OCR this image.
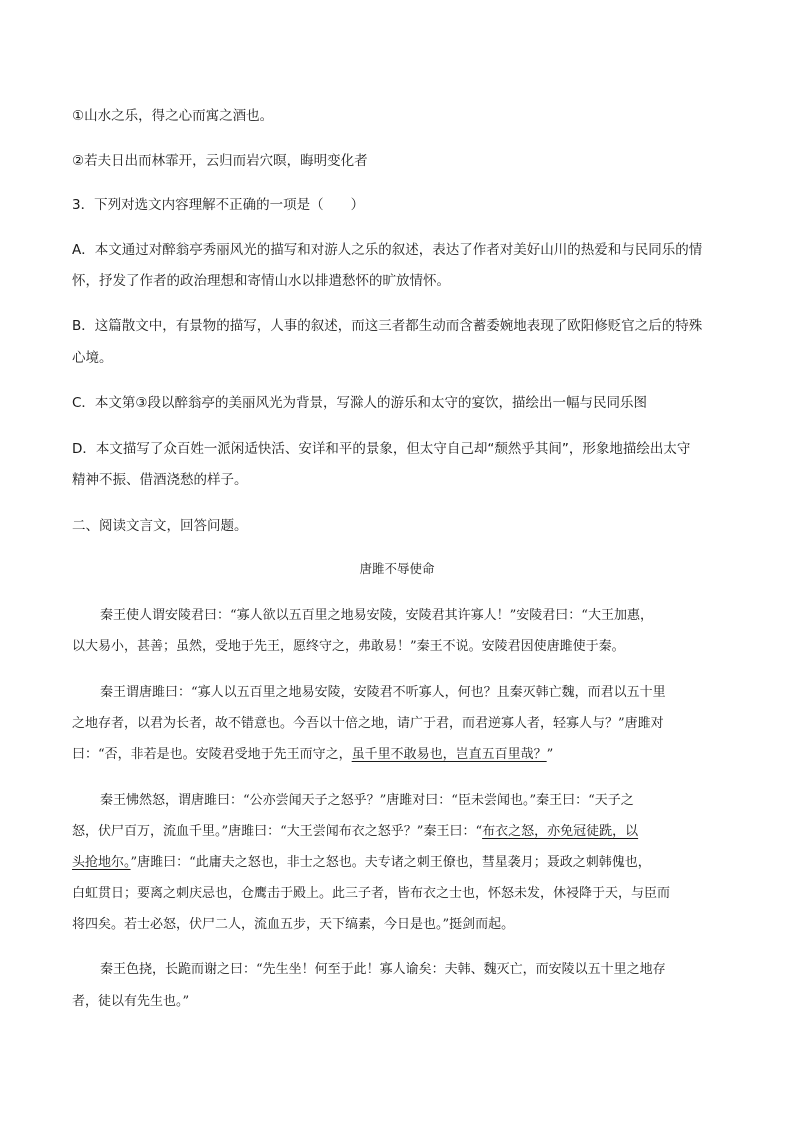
①山水之乐，得之心而寓之酒也。
②若夫日出而林霏开，云归而岩穴暝，晦明变化者
3．下列对选文内容理解不正确的一项是（　　）
A．本文通过对醉翁亭秀丽风光的描写和对游人之乐的叙述，表达了作者对美好山川的热爱和与民同乐的情
怀，抒发了作者的政治理想和寄情山水以排遣愁怀的旷放情怀。
B．这篇散文中，有景物的描写，人事的叙述，而这三者都生动而含蓄委婉地表现了欧阳修贬官之后的特殊
心境。
C．本文第③段以醉翁亭的美丽风光为背景，写滁人的游乐和太守的宴饮，描绘出一幅与民同乐图
D．本文描写了众百姓一派闲适快活、安详和平的景象，但太守自己却“颓然乎其间”，形象地描绘出太守
精神不振、借酒浇愁的样子。
二、阅读文言文，回答问题。
唐雎不辱使命
秦王使人谓安陵君曰：“寡人欲以五百里之地易安陵，安陵君其许寡人！”安陵君曰：“大王加惠，
以大易小，甚善；虽然，受地于先王，愿终守之，弗敢易！”秦王不说。安陵君因使唐雎使于秦。
秦王谓唐雎曰：“寡人以五百里之地易安陵，安陵君不听寡人，何也？且秦灭韩亡魏，而君以五十里
之地存者，以君为长者，故不错意也。今吾以十倍之地，请广于君，而君逆寡人者，轻寡人与？”唐雎对
曰：“否，非若是也。安陵君受地于先王而守之，虽千里不敢易也，岂直五百里哉？”
秦王怫然怒，谓唐雎曰：“公亦尝闻天子之怒乎？”唐雎对曰：“臣未尝闻也。”秦王曰：“天子之
怒，伏尸百万，流血千里。”唐雎曰：“大王尝闻布衣之怒乎？”秦王曰：“布衣之怒，亦免冠徒跣，以
头抢地尔。”唐雎曰：“此庸夫之怒也，非士之怒也。夫专诸之刺王僚也，彗星袭月；聂政之刺韩傀也，
白虹贯日；要离之刺庆忌也，仓鹰击于殿上。此三子者，皆布衣之士也，怀怒未发，休祲降于天，与臣而
将四矣。若士必怒，伏尸二人，流血五步，天下缟素，今日是也。”挺剑而起。
秦王色挠，长跪而谢之曰：“先生坐！何至于此！寡人谕矣：夫韩、魏灭亡，而安陵以五十里之地存
者，徒以有先生也。”
